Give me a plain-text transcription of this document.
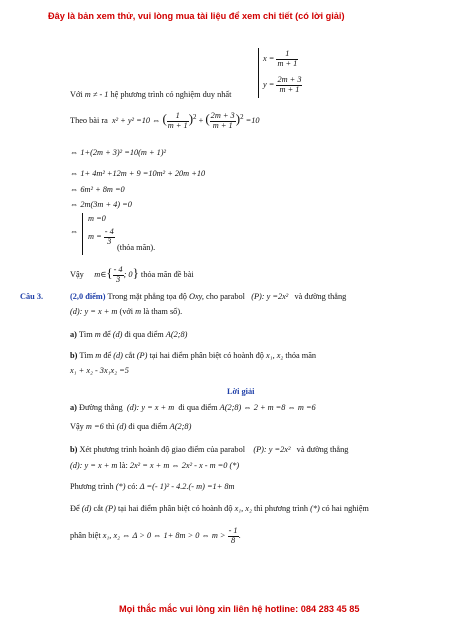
Đây là bản xem thử, vui lòng mua tài liệu để xem chi tiết (có lời giải)
Mọi thắc mắc vui lòng xin liên hệ hotline: 084 283 45 85
$x = \frac{1}{m + 1}$
$y = \frac{2m + 3}{m + 1}$
Với m ≠ - 1 hệ phương trình có nghiệm duy nhất
Theo bài ra x² + y² =10 ⇔ ( $\frac{1}{m + 1} )^2$ + ( $\frac{2m + 3}{m + 1} )^2 =10$
⇔ 1+(2m + 3)² =10(m + 1)²
⇔ 1+ 4m² +12m + 9 =10m² + 20m +10
⇔ 6m² + 8m =0
⇔ 2m(3m + 4) =0
⇔
m =0
$m = \frac{- 4}{3}$
(thỏa mãn).
Vậy m∈{ $\frac{- 4}{3}$ ; 0} thỏa mãn đề bài
Câu 3.	(2,0 điểm) Trong mặt phẳng tọa độ Oxy, cho parabol (P): y =2x² và đường thẳng
(d): y = x + m (với m là tham số).
a) Tìm m để (d) đi qua điểm A(2;8)
b) Tìm m để (d) cắt (P) tại hai điểm phân biệt có hoành độ x₁, x₂ thỏa mãn
x₁ + x₂ - 3x₁x₂ =5
Lời giải
a) Đường thẳng (d): y = x + m đi qua điểm A(2;8) ⇔ 2 + m =8 ⇔ m =6
Vậy m =6 thì (d) đi qua điểm A(2;8)
b) Xét phương trình hoành độ giao điểm của parabol (P): y =2x² và đường thẳng
(d): y = x + m là: 2x² = x + m ⇔ 2x² - x - m =0 (*)
Phương trình (*) có: Δ =(- 1)² - 4.2.(- m) =1+ 8m
Để (d) cắt (P) tại hai điểm phân biệt có hoành độ x₁, x₂ thì phương trình (*) có hai nghiệm
phân biệt x₁, x₂ ⇔ Δ > 0 ⇔ 1+ 8m > 0 ⇔ $m > \frac{- 1}{8}$ .
